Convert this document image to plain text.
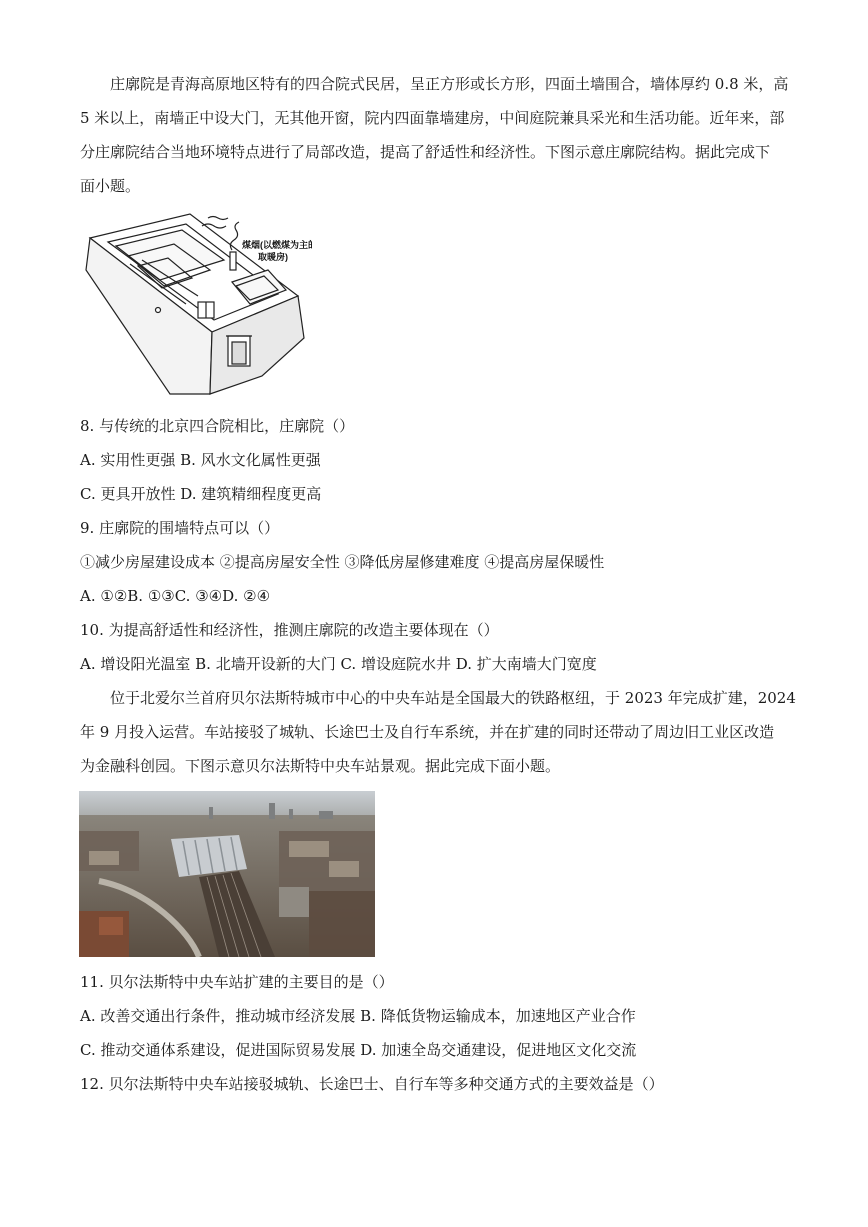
庄廓院是青海高原地区特有的四合院式民居，呈正方形或长方形，四面土墙围合，墙体厚约 0.8 米，高

5 米以上，南墙正中设大门，无其他开窗，院内四面靠墙建房，中间庭院兼具采光和生活功能。近年来，部

分庄廓院结合当地环境特点进行了局部改造，提高了舒适性和经济性。下图示意庄廓院结构。据此完成下

面小题。

煤烟(以燃煤为主的
取暖房)

8. 与传统的北京四合院相比，庄廓院（）

A. 实用性更强 B. 风水文化属性更强

C. 更具开放性 D. 建筑精细程度更高

9. 庄廓院的围墙特点可以（）

①减少房屋建设成本 ②提高房屋安全性 ③降低房屋修建难度 ④提高房屋保暖性

A. ①②B. ①③C. ③④D. ②④

10. 为提高舒适性和经济性，推测庄廓院的改造主要体现在（）

A. 增设阳光温室 B. 北墙开设新的大门 C. 增设庭院水井 D. 扩大南墙大门宽度

位于北爱尔兰首府贝尔法斯特城市中心的中央车站是全国最大的铁路枢纽，于 2023 年完成扩建，2024

年 9 月投入运营。车站接驳了城轨、长途巴士及自行车系统，并在扩建的同时还带动了周边旧工业区改造

为金融科创园。下图示意贝尔法斯特中央车站景观。据此完成下面小题。

11. 贝尔法斯特中央车站扩建的主要目的是（）

A. 改善交通出行条件，推动城市经济发展 B. 降低货物运输成本，加速地区产业合作

C. 推动交通体系建设，促进国际贸易发展 D. 加速全岛交通建设，促进地区文化交流

12. 贝尔法斯特中央车站接驳城轨、长途巴士、自行车等多种交通方式的主要效益是（）
